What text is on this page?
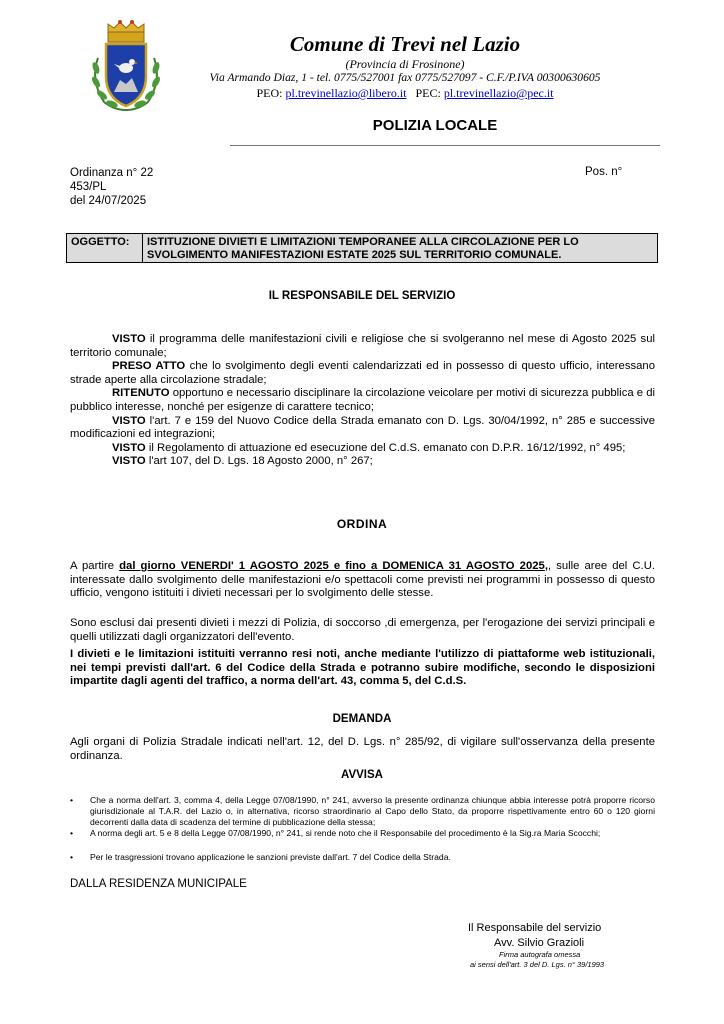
Comune di Trevi nel Lazio
(Provincia di Frosinone)
Via Armando Diaz, 1 - tel. 0775/527001 fax 0775/527097 - C.F./P.IVA 00300630605
PEO: pl.trevinellazio@libero.it PEC: pl.trevinellazio@pec.it
POLIZIA LOCALE
Ordinanza n° 22
453/PL
del 24/07/2025
Pos. n°
OGGETTO:	ISTITUZIONE DIVIETI E LIMITAZIONI TEMPORANEE ALLA CIRCOLAZIONE PER LO SVOLGIMENTO MANIFESTAZIONI ESTATE 2025 SUL TERRITORIO COMUNALE.
IL RESPONSABILE DEL SERVIZIO
VISTO il programma delle manifestazioni civili e religiose che si svolgeranno nel mese di Agosto 2025 sul territorio comunale;
PRESO ATTO che lo svolgimento degli eventi calendarizzati ed in possesso di questo ufficio, interessano strade aperte alla circolazione stradale;
RITENUTO opportuno e necessario disciplinare la circolazione veicolare per motivi di sicurezza pubblica e di pubblico interesse, nonché per esigenze di carattere tecnico;
VISTO l'art. 7 e 159 del Nuovo Codice della Strada emanato con D. Lgs. 30/04/1992, n° 285 e successive modificazioni ed integrazioni;
VISTO il Regolamento di attuazione ed esecuzione del C.d.S. emanato con D.P.R. 16/12/1992, n° 495;
VISTO l'art 107, del D. Lgs. 18 Agosto 2000, n° 267;
ORDINA
A partire dal giorno VENERDI' 1 AGOSTO 2025 e fino a DOMENICA 31 AGOSTO 2025,, sulle aree del C.U. interessate dallo svolgimento delle manifestazioni e/o spettacoli come previsti nei programmi in possesso di questo ufficio, vengono istituiti i divieti necessari per lo svolgimento delle stesse.
Sono esclusi dai presenti divieti i mezzi di Polizia, di soccorso ,di emergenza, per l'erogazione dei servizi principali e quelli utilizzati dagli organizzatori dell'evento.
I divieti e le limitazioni istituiti verranno resi noti, anche mediante l'utilizzo di piattaforme web istituzionali, nei tempi previsti dall'art. 6 del Codice della Strada e potranno subire modifiche, secondo le disposizioni impartite dagli agenti del traffico, a norma dell'art. 43, comma 5, del C.d.S.
DEMANDA
Agli organi di Polizia Stradale indicati nell'art. 12, del D. Lgs. n° 285/92, di vigilare sull'osservanza della presente ordinanza.
AVVISA
• Che a norma dell'art. 3, comma 4, della Legge 07/08/1990, n° 241, avverso la presente ordinanza chiunque abbia interesse potrà proporre ricorso giurisdizionale al T.A.R. del Lazio o, in alternativa, ricorso straordinario al Capo dello Stato, da proporre rispettivamente entro 60 o 120 giorni decorrenti dalla data di scadenza del termine di pubblicazione della stessa;
• A norma degli art. 5 e 8 della Legge 07/08/1990, n° 241, si rende noto che il Responsabile del procedimento è la Sig.ra Maria Scocchi;
• Per le trasgressioni trovano applicazione le sanzioni previste dall'art. 7 del Codice della Strada.
DALLA RESIDENZA MUNICIPALE
Il Responsabile del servizio
Avv. Silvio Grazioli
Firma autografa omessa
ai sensi dell'art. 3 del D. Lgs. n° 39/1993
